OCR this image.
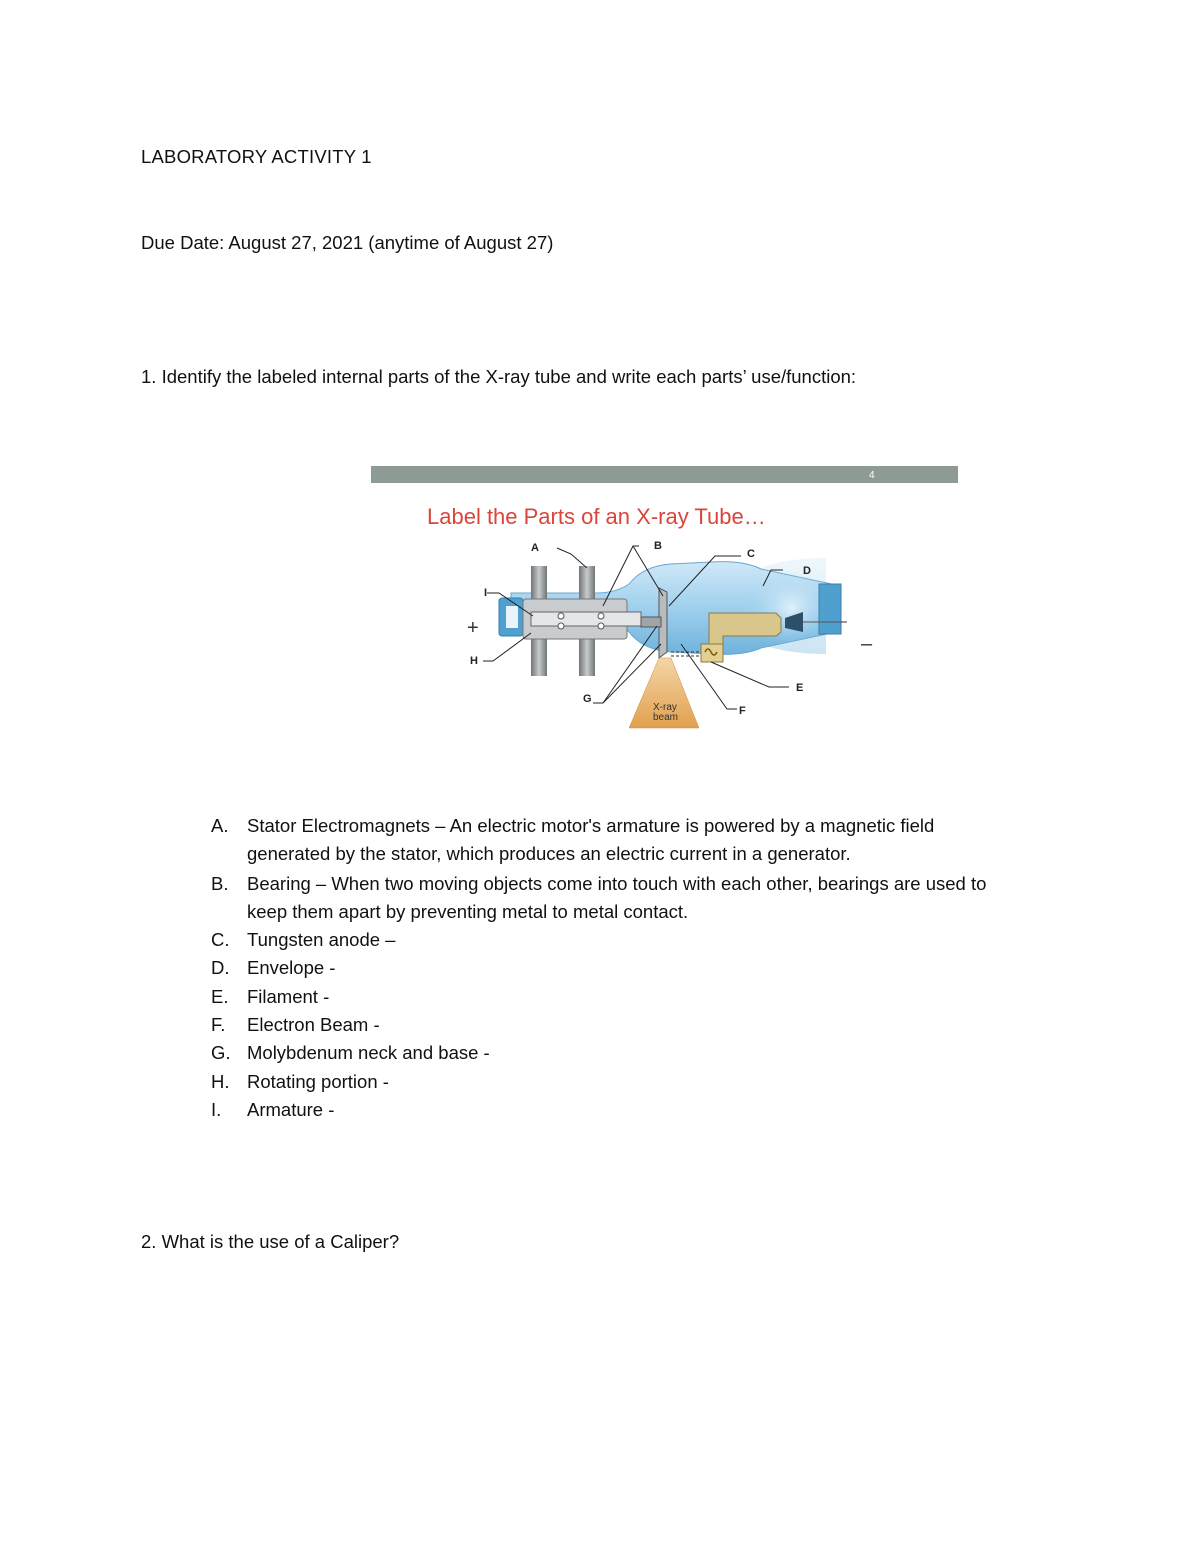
LABORATORY ACTIVITY 1
Due Date: August 27, 2021 (anytime of August 27)
1. Identify the labeled internal parts of the X-ray tube and write each parts’ use/function:
4
Label the Parts of an X-ray Tube…
X-ray
beam
+
–
A	B
C
D
E
F
G
H
I
A. Stator Electromagnets – An electric motor's armature is powered by a magnetic field
generated by the stator, which produces an electric current in a generator.
B. Bearing – When two moving objects come into touch with each other, bearings are used to
keep them apart by preventing metal to metal contact.
C. Tungsten anode –
D. Envelope -
E. Filament -
F. Electron Beam -
G. Molybdenum neck and base -
H. Rotating portion -
I. Armature -
2. What is the use of a Caliper?
